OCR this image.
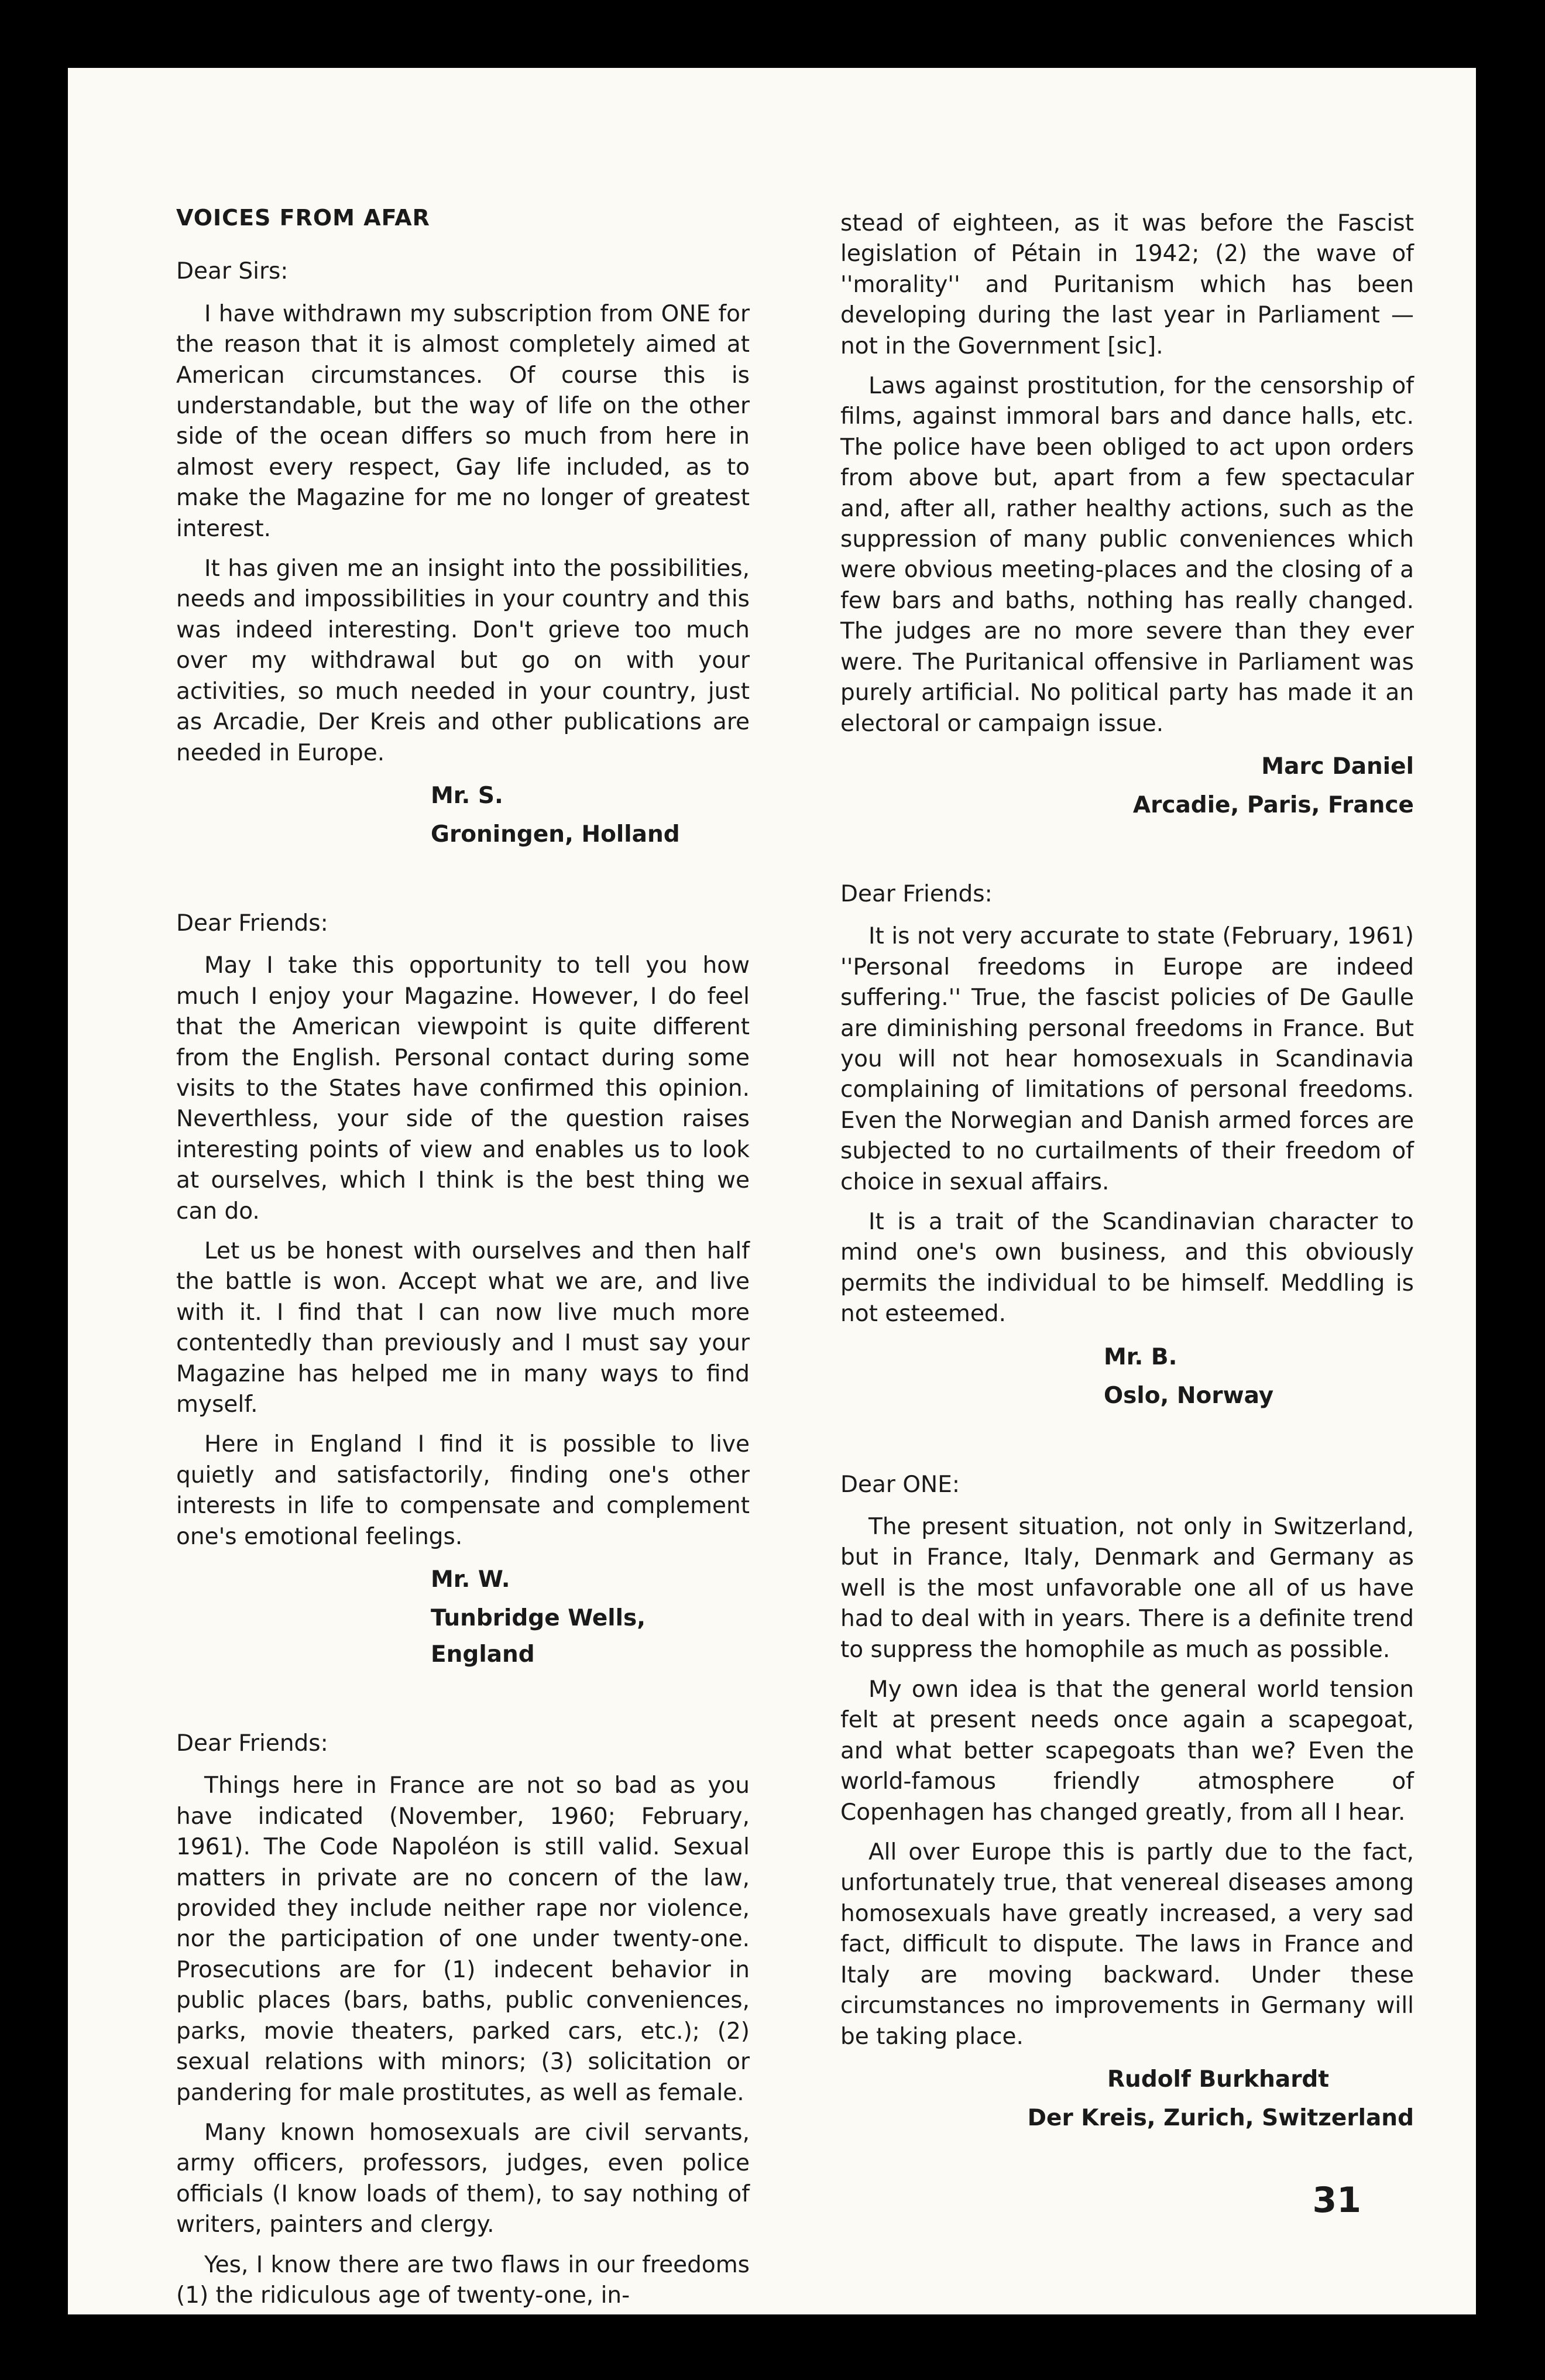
VOICES FROM AFAR
Dear Sirs:

I have withdrawn my subscription from ONE for the reason that it is almost completely aimed at American circumstances. Of course this is understandable, but the way of life on the other side of the ocean differs so much from here in almost every respect, Gay life included, as to make the Magazine for me no longer of greatest interest.

It has given me an insight into the possibilities, needs and impossibilities in your country and this was indeed interesting. Don't grieve too much over my withdrawal but go on with your activities, so much needed in your country, just as Arcadie, Der Kreis and other publications are needed in Europe.

Mr. S.
Groningen, Holland
Dear Friends:

May I take this opportunity to tell you how much I enjoy your Magazine. However, I do feel that the American viewpoint is quite different from the English. Personal contact during some visits to the States have confirmed this opinion. Neverthless, your side of the question raises interesting points of view and enables us to look at ourselves, which I think is the best thing we can do.

Let us be honest with ourselves and then half the battle is won. Accept what we are, and live with it. I find that I can now live much more contentedly than previously and I must say your Magazine has helped me in many ways to find myself.

Here in England I find it is possible to live quietly and satisfactorily, finding one's other interests in life to compensate and complement one's emotional feelings.

Mr. W.
Tunbridge Wells, England
Dear Friends:

Things here in France are not so bad as you have indicated (November, 1960; February, 1961). The Code Napoléon is still valid. Sexual matters in private are no concern of the law, provided they include neither rape nor violence, nor the participation of one under twenty-one. Prosecutions are for (1) indecent behavior in public places (bars, baths, public conveniences, parks, movie theaters, parked cars, etc.); (2) sexual relations with minors; (3) solicitation or pandering for male prostitutes, as well as female.

Many known homosexuals are civil servants, army officers, professors, judges, even police officials (I know loads of them), to say nothing of writers, painters and clergy.

Yes, I know there are two flaws in our freedoms (1) the ridiculous age of twenty-one, in-

stead of eighteen, as it was before the Fascist legislation of Pétain in 1942; (2) the wave of ''morality'' and Puritanism which has been developing during the last year in Parliament —not in the Government [sic].

Laws against prostitution, for the censorship of films, against immoral bars and dance halls, etc. The police have been obliged to act upon orders from above but, apart from a few spectacular and, after all, rather healthy actions, such as the suppression of many public conveniences which were obvious meeting-places and the closing of a few bars and baths, nothing has really changed. The judges are no more severe than they ever were. The Puritanical offensive in Parliament was purely artificial. No political party has made it an electoral or campaign issue.

Marc Daniel
Arcadie, Paris, France
Dear Friends:

It is not very accurate to state (February, 1961) ''Personal freedoms in Europe are indeed suffering.'' True, the fascist policies of De Gaulle are diminishing personal freedoms in France. But you will not hear homosexuals in Scandinavia complaining of limitations of personal freedoms. Even the Norwegian and Danish armed forces are subjected to no curtailments of their freedom of choice in sexual affairs.

It is a trait of the Scandinavian character to mind one's own business, and this obviously permits the individual to be himself. Meddling is not esteemed.

Mr. B.
Oslo, Norway
Dear ONE:

The present situation, not only in Switzerland, but in France, Italy, Denmark and Germany as well is the most unfavorable one all of us have had to deal with in years. There is a definite trend to suppress the homophile as much as possible.

My own idea is that the general world tension felt at present needs once again a scapegoat, and what better scapegoats than we? Even the world-famous friendly atmosphere of Copenhagen has changed greatly, from all I hear.

All over Europe this is partly due to the fact, unfortunately true, that venereal diseases among homosexuals have greatly increased, a very sad fact, difficult to dispute. The laws in France and Italy are moving backward. Under these circumstances no improvements in Germany will be taking place.

Rudolf Burkhardt
Der Kreis, Zurich, Switzerland
31
